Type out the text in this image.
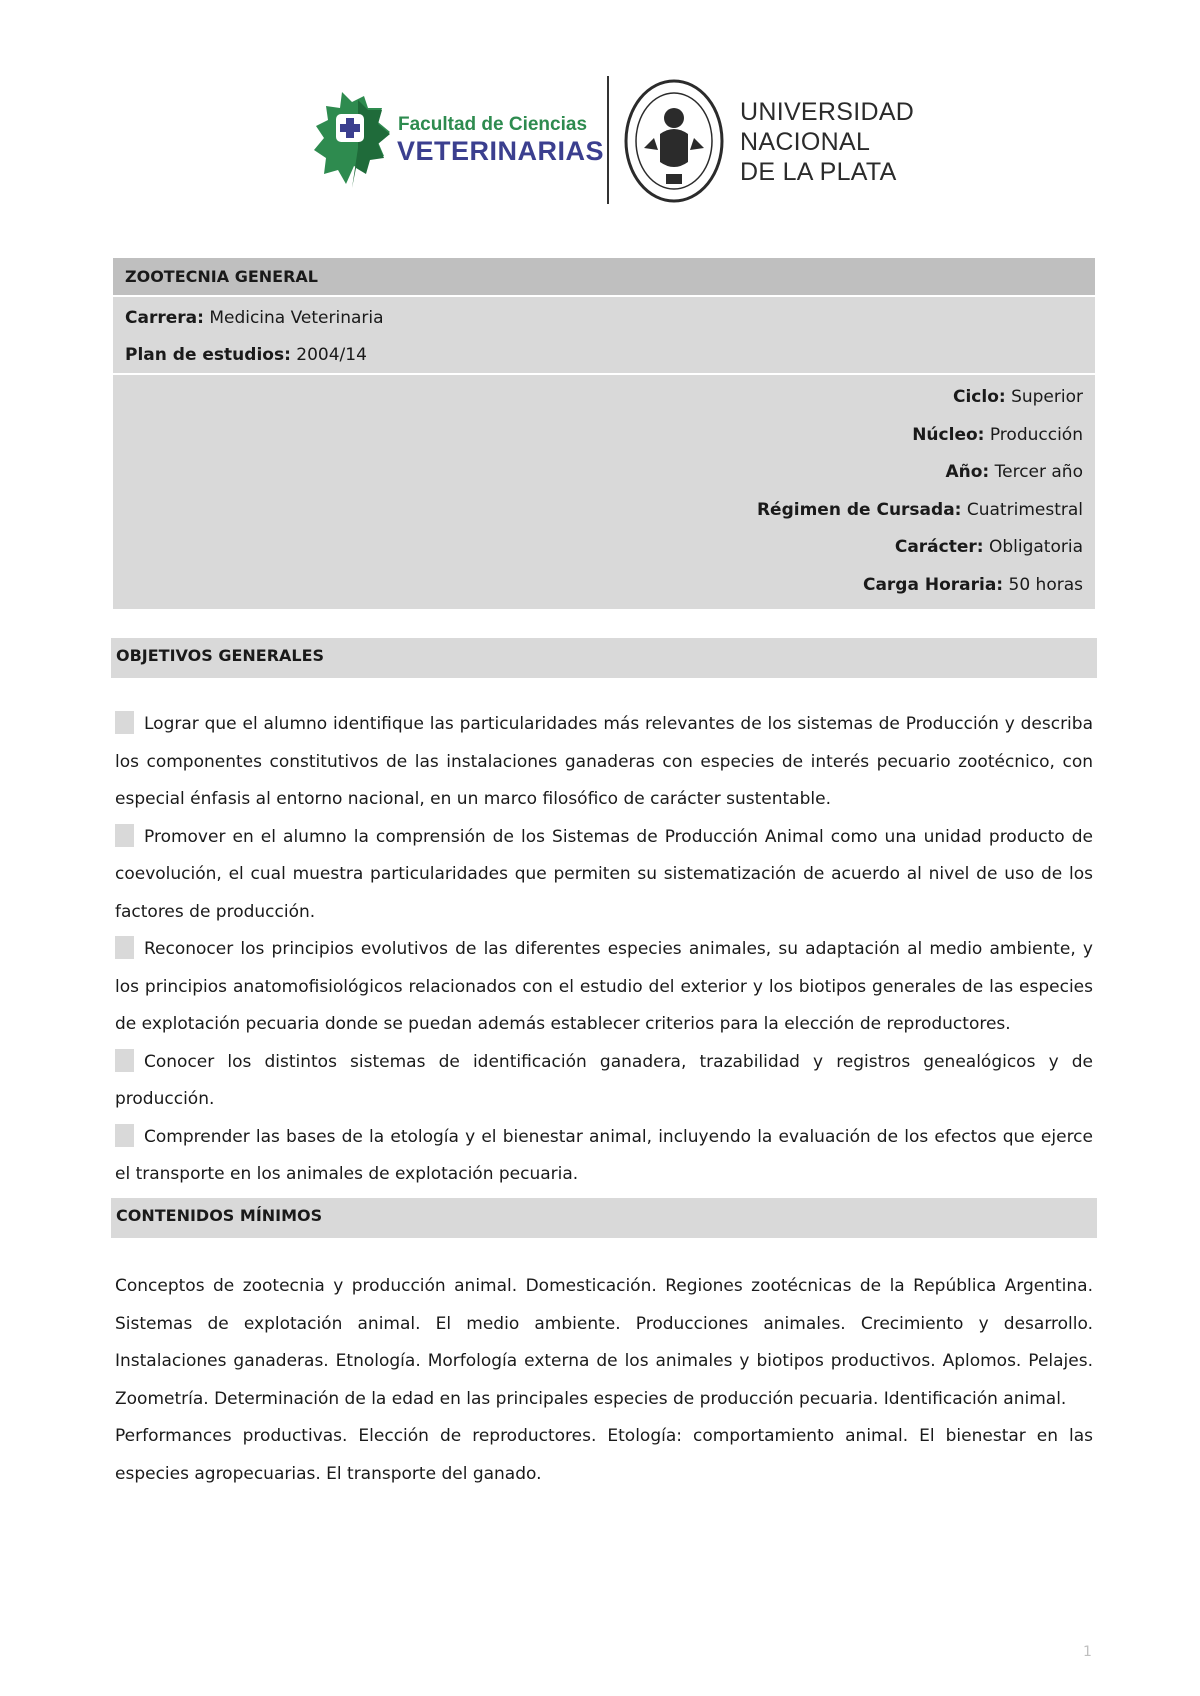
Facultad de Ciencias
VETERINARIAS
UNIVERSIDAD
NACIONAL
DE LA PLATA
ZOOTECNIA GENERAL
Carrera: Medicina Veterinaria
Plan de estudios: 2004/14
Ciclo: Superior
Núcleo: Producción
Año: Tercer año
Régimen de Cursada: Cuatrimestral
Carácter: Obligatoria
Carga Horaria: 50 horas
OBJETIVOS GENERALES

Lograr que el alumno identifique las particularidades más relevantes de los sistemas de Producción y describa los componentes constitutivos de las instalaciones ganaderas con especies de interés pecuario zootécnico, con especial énfasis al entorno nacional, en un marco filosófico de carácter sustentable.

Promover en el alumno la comprensión de los Sistemas de Producción Animal como una unidad producto de coevolución, el cual muestra particularidades que permiten su sistematización de acuerdo al nivel de uso de los factores de producción.

Reconocer los principios evolutivos de las diferentes especies animales, su adaptación al medio ambiente, y los principios anatomofisiológicos relacionados con el estudio del exterior y los biotipos generales de las especies de explotación pecuaria donde se puedan además establecer criterios para la elección de reproductores.

Conocer los distintos sistemas de identificación ganadera, trazabilidad y registros genealógicos y de producción.

Comprender las bases de la etología y el bienestar animal, incluyendo la evaluación de los efectos que ejerce el transporte en los animales de explotación pecuaria.

CONTENIDOS MÍNIMOS

Conceptos de zootecnia y producción animal. Domesticación. Regiones zootécnicas de la República Argentina. Sistemas de explotación animal. El medio ambiente. Producciones animales. Crecimiento y desarrollo. Instalaciones ganaderas. Etnología. Morfología externa de los animales y biotipos productivos. Aplomos. Pelajes. Zoometría. Determinación de la edad en las principales especies de producción pecuaria. Identificación animal.

Performances productivas. Elección de reproductores. Etología: comportamiento animal. El bienestar en las especies agropecuarias. El transporte del ganado.

1
